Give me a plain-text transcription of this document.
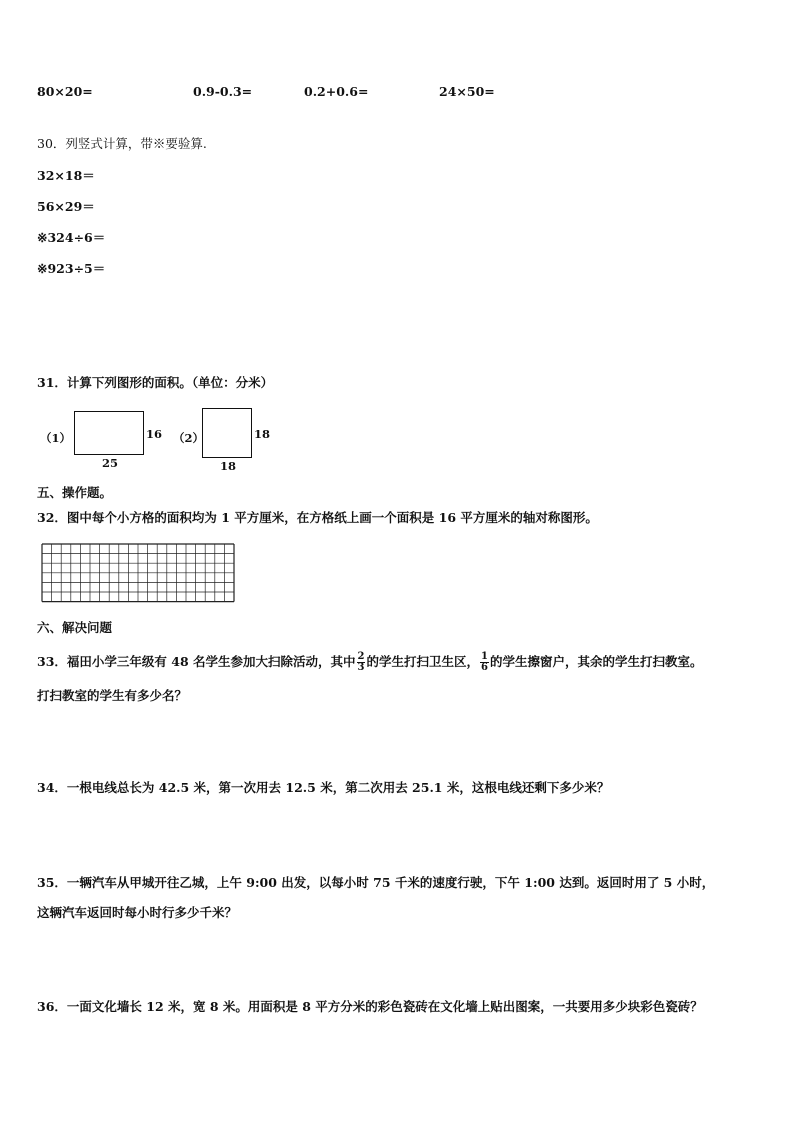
80×20=	0.9-0.3=	0.2+0.6=	24×50=
30．列竖式计算，带※要验算.
32×18＝
56×29＝
※324÷6＝
※923÷5＝
31．计算下列图形的面积。（单位：分米）
（1）	16
25
（2）	18
18
五、操作题。
32．图中每个小方格的面积均为 1 平方厘米，在方格纸上画一个面积是 16 平方厘米的轴对称图形。
六、解决问题
33．福田小学三年级有 48 名学生参加大扫除活动，其中 $\frac{2}{3}$ 的学生打扫卫生区， $\frac{1}{6}$ 的学生擦窗户，其余的学生打扫教室。
打扫教室的学生有多少名？
34．一根电线总长为 42.5 米，第一次用去 12.5 米，第二次用去 25.1 米，这根电线还剩下多少米？
35．一辆汽车从甲城开往乙城，上午 9:00 出发，以每小时 75 千米的速度行驶，下午 1:00 达到。返回时用了 5 小时，
这辆汽车返回时每小时行多少千米？
36．一面文化墙长 12 米，宽 8 米。用面积是 8 平方分米的彩色瓷砖在文化墙上贴出图案，一共要用多少块彩色瓷砖？
